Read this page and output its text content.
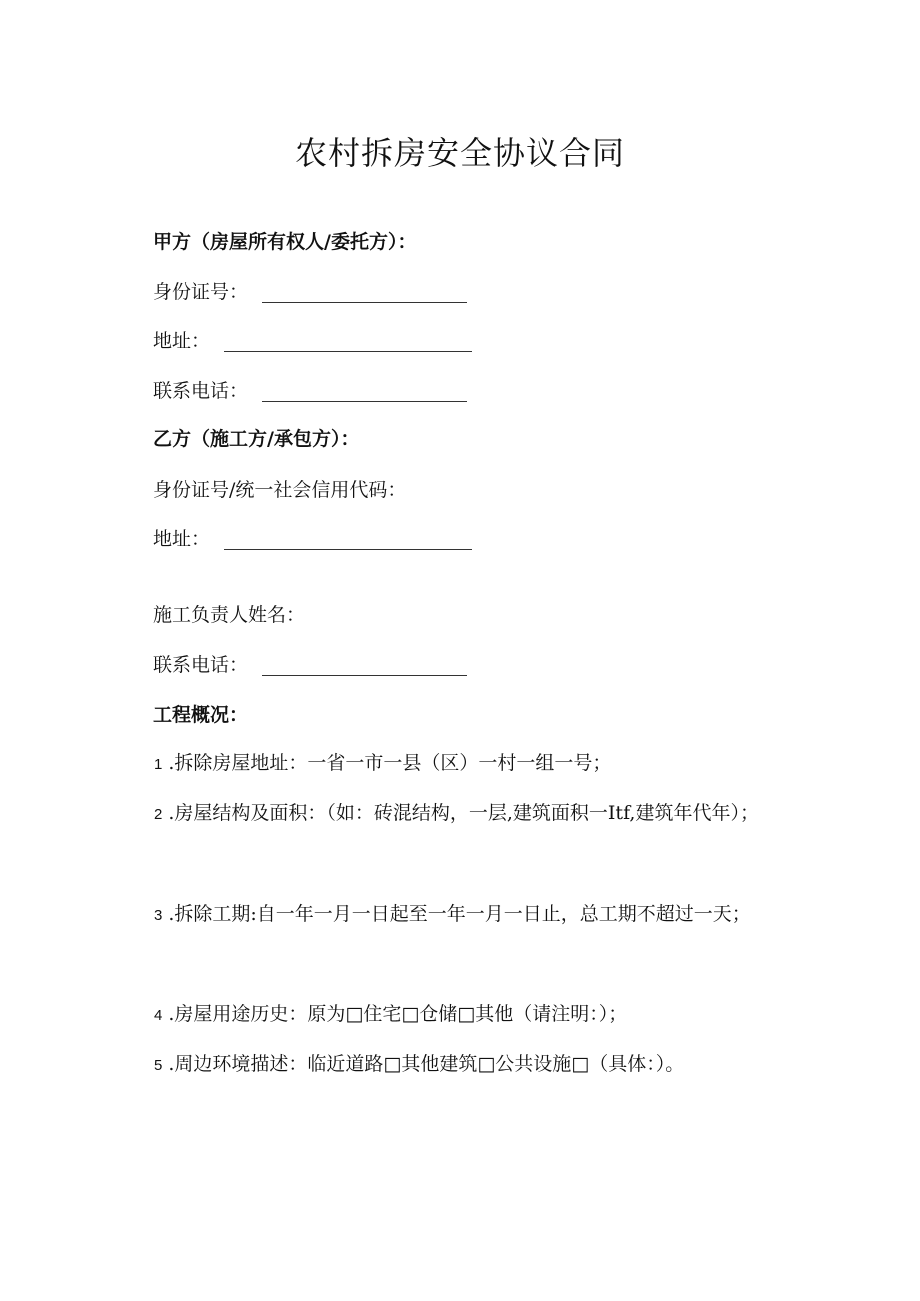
农村拆房安全协议合同
甲方（房屋所有权人/委托方）：
身份证号：
地址：
联系电话：
乙方（施工方/承包方）：
身份证号/统一社会信用代码：
地址：
施工负责人姓名：
联系电话：
工程概况：

1 .拆除房屋地址：一省一市一县（区）一村一组一号；

2 .房屋结构及面积：（如：砖混结构，一层,建筑面积一Itf,建筑年代年）；

3 .拆除工期:自一年一月一日起至一年一月一日止，总工期不超过一天；

4 .房屋用途历史：原为□住宅□仓储□其他（请注明：）；

5 .周边环境描述：临近道路□其他建筑□公共设施□（具体：）。
